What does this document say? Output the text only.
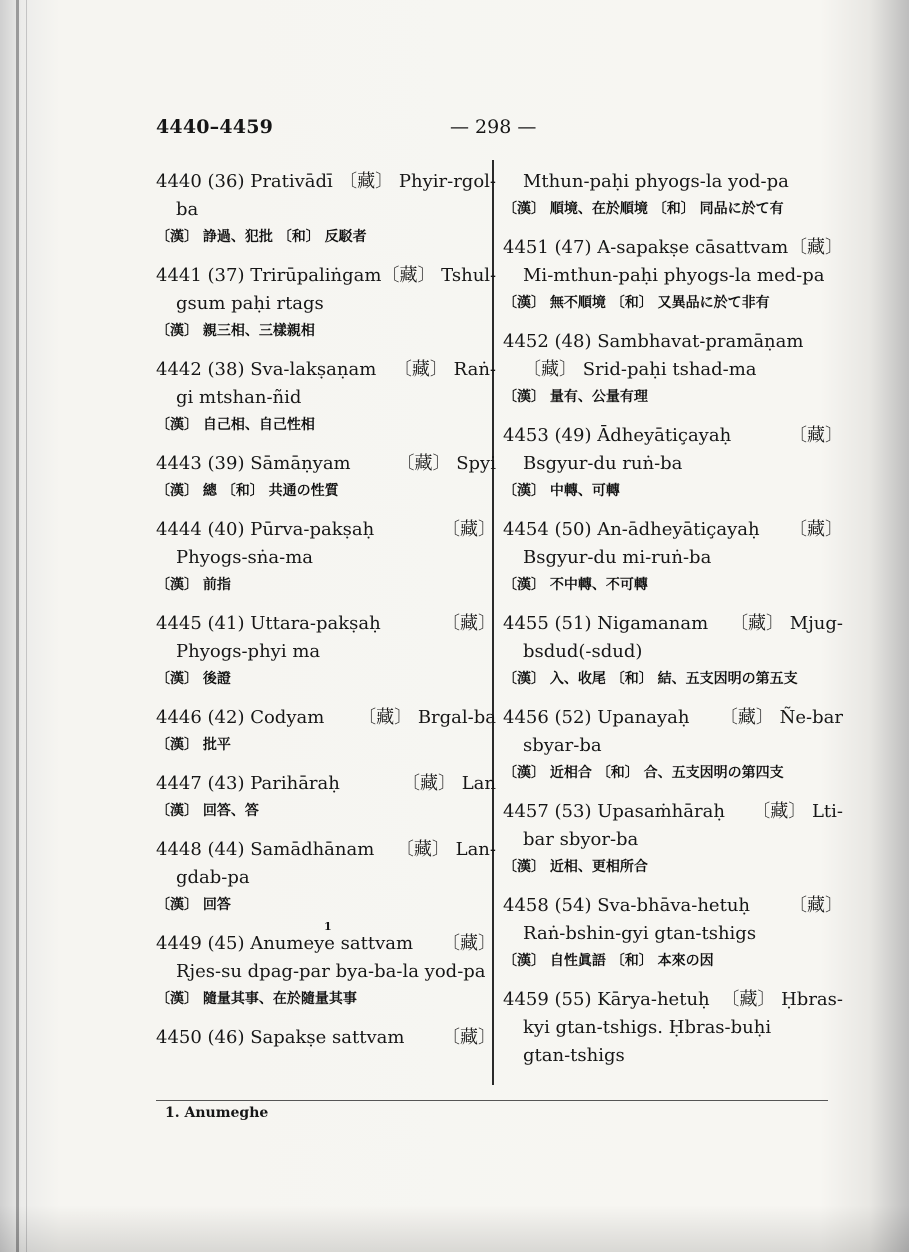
4440–4459	— 298 —
4440 (36) Prativādī 〔藏〕 Phyir-rgol-
ba
〔漢〕 諍過、犯批 〔和〕 反駁者
4441 (37) Trirūpaliṅgam 〔藏〕 Tshul-
gsum paḥi rtags
〔漢〕 親三相、三樣親相
4442 (38) Sva-lakṣaṇam 〔藏〕 Raṅ-
gi mtshan-ñid
〔漢〕 自己相、自己性相
4443 (39) Sāmāṇyam	〔藏〕 Spyi
〔漢〕 總 〔和〕 共通の性質
4444 (40) Pūrva-pakṣaḥ	〔藏〕
Phyogs-sṅa-ma
〔漢〕 前指
4445 (41) Uttara-pakṣaḥ	〔藏〕
Phyogs-phyi ma
〔漢〕 後證
4446 (42) Codyam 〔藏〕 Brgal-ba
〔漢〕 批平
4447 (43) Parihāraḥ	〔藏〕 Lan
〔漢〕 回答、答
4448 (44) Samādhānam 〔藏〕 Lan-
gdab-pa
〔漢〕 回答
1
4449 (45) Anumeye sattvam 〔藏〕
Rjes-su dpag-par bya-ba-la yod-pa
〔漢〕 隨量其事、在於隨量其事
4450 (46) Sapakṣe sattvam 〔藏〕
Mthun-paḥi phyogs-la yod-pa
〔漢〕 順境、在於順境 〔和〕 同品に於て有
4451 (47) A-sapakṣe cāsattvam 〔藏〕
Mi-mthun-paḥi phyogs-la med-pa
〔漢〕 無不順境 〔和〕 又異品に於て非有
4452 (48) Sambhavat-pramāṇam
〔藏〕 Srid-paḥi tshad-ma
〔漢〕 量有、公量有理
4453 (49) Ādheyātiçayaḥ	〔藏〕
Bsgyur-du ruṅ-ba
〔漢〕 中轉、可轉
4454 (50) An-ādheyātiçayaḥ 〔藏〕
Bsgyur-du mi-ruṅ-ba
〔漢〕 不中轉、不可轉
4455 (51) Nigamanam 〔藏〕 Mjug-
bsdud(-sdud)
〔漢〕 入、收尾 〔和〕 結、五支因明の第五支
4456 (52) Upanayaḥ 〔藏〕 Ñe-bar
sbyar-ba
〔漢〕 近相合 〔和〕 合、五支因明の第四支
4457 (53) Upasaṁhāraḥ 〔藏〕 Lti-
bar sbyor-ba
〔漢〕 近相、更相所合
4458 (54) Sva-bhāva-hetuḥ 〔藏〕
Raṅ-bshin-gyi gtan-tshigs
〔漢〕 自性眞語 〔和〕 本來の因
4459 (55) Kārya-hetuḥ 〔藏〕 Ḥbras-
kyi gtan-tshigs. Ḥbras-buḥi
gtan-tshigs
1. Anumeghe
